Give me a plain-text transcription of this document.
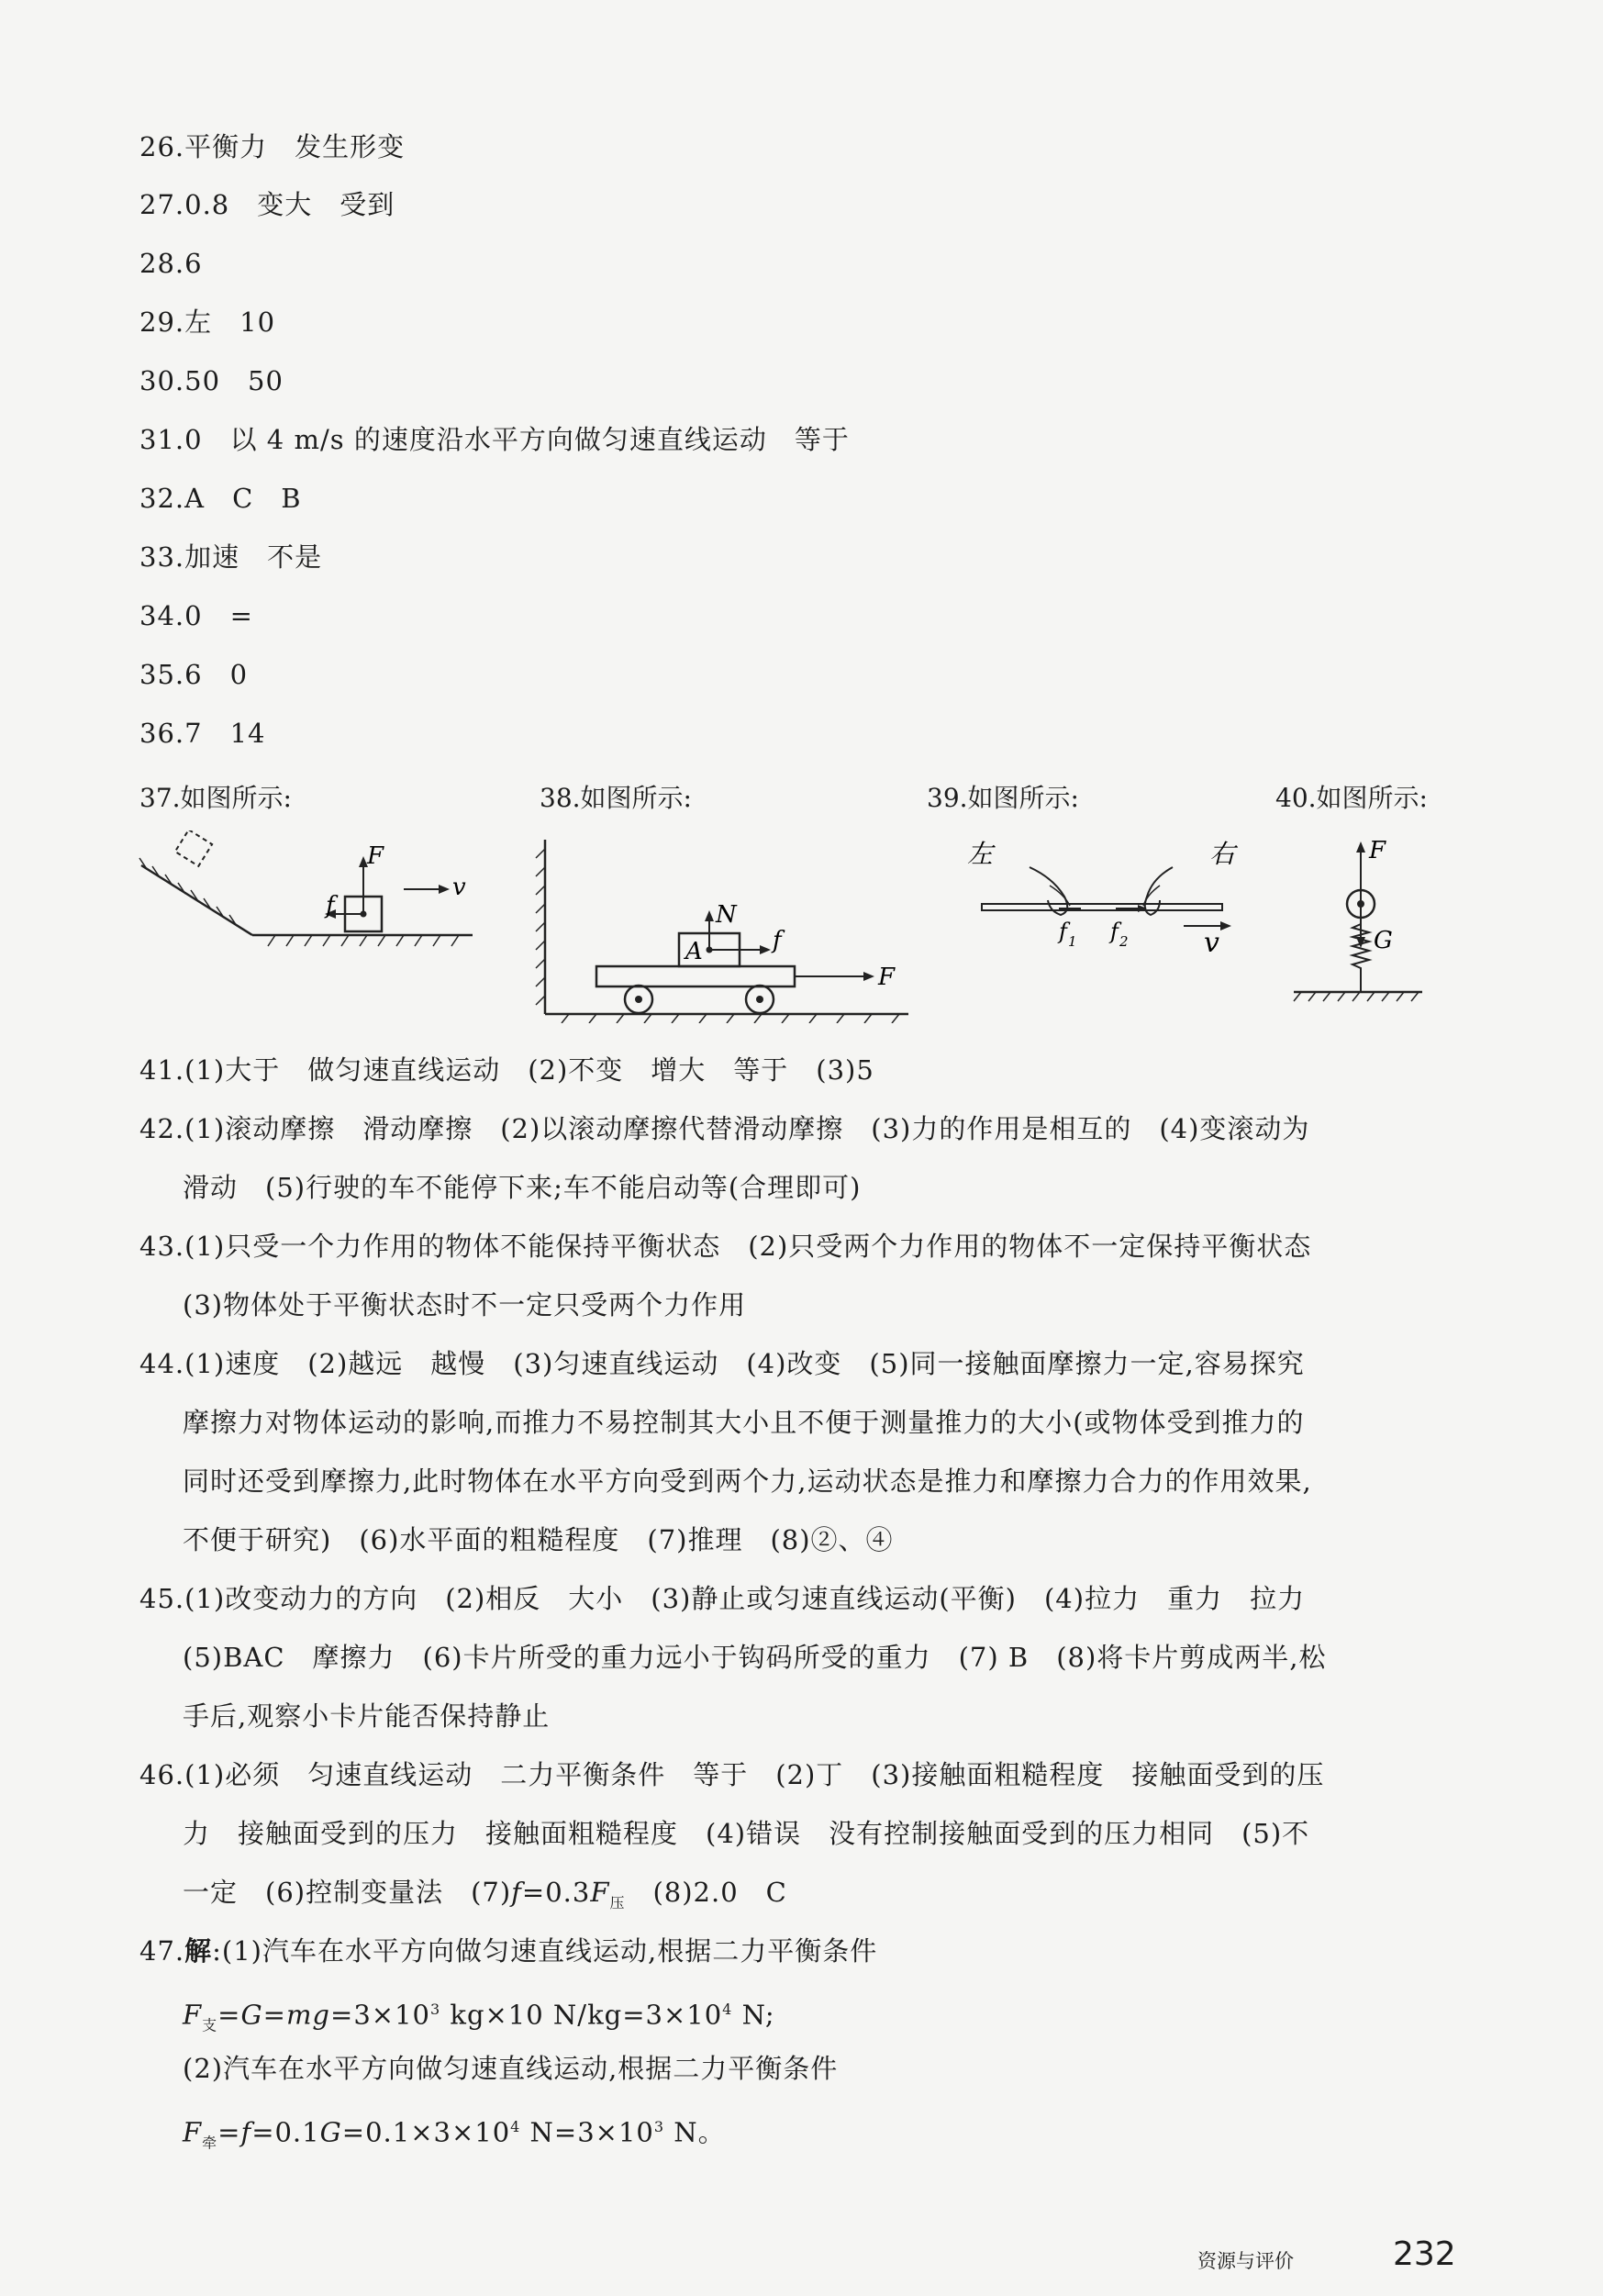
26.平衡力　发生形变
27.0.8　变大　受到
28.6
29.左　10
30.50　50
31.0　以 4 m/s 的速度沿水平方向做匀速直线运动　等于
32.A　C　B
33.加速　不是
34.0　=
35.6　0
36.7　14
37.如图所示:	38.如图所示:	39.如图所示:	40.如图所示:
F
f
v
N
A	f
F
左	右
f 1 f 2	v
F
G
41.(1)大于　做匀速直线运动　(2)不变　增大　等于　(3)5
42.(1)滚动摩擦　滑动摩擦　(2)以滚动摩擦代替滑动摩擦　(3)力的作用是相互的　(4)变滚动为
滑动　(5)行驶的车不能停下来;车不能启动等(合理即可)
43.(1)只受一个力作用的物体不能保持平衡状态　(2)只受两个力作用的物体不一定保持平衡状态
(3)物体处于平衡状态时不一定只受两个力作用
44.(1)速度　(2)越远　越慢　(3)匀速直线运动　(4)改变　(5)同一接触面摩擦力一定,容易探究
摩擦力对物体运动的影响,而推力不易控制其大小且不便于测量推力的大小(或物体受到推力的
同时还受到摩擦力,此时物体在水平方向受到两个力,运动状态是推力和摩擦力合力的作用效果,
不便于研究)　(6)水平面的粗糙程度　(7)推理　(8)②、④
45.(1)改变动力的方向　(2)相反　大小　(3)静止或匀速直线运动(平衡)　(4)拉力　重力　拉力
(5)BAC　摩擦力　(6)卡片所受的重力远小于钩码所受的重力　(7) B　(8)将卡片剪成两半,松
手后,观察小卡片能否保持静止
46.(1)必须　匀速直线运动　二力平衡条件　等于　(2)丁　(3)接触面粗糙程度　接触面受到的压
力　接触面受到的压力　接触面粗糙程度　(4)错误　没有控制接触面受到的压力相同　(5)不
一定　(6)控制变量法　$(7)f=0.3F_压$　(8)2.0　C
47.解:(1)汽车在水平方向做匀速直线运动,根据二力平衡条件
$F_支=G=mg=3\times 10^3$ kg×10 $N/kg=3\times 10^4$ N;
(2)汽车在水平方向做匀速直线运动,根据二力平衡条件
$F_牵=f=0.1G=0.1\times 3\times 10^4$ $N=3\times 10^3$ N。
资源与评价	232
